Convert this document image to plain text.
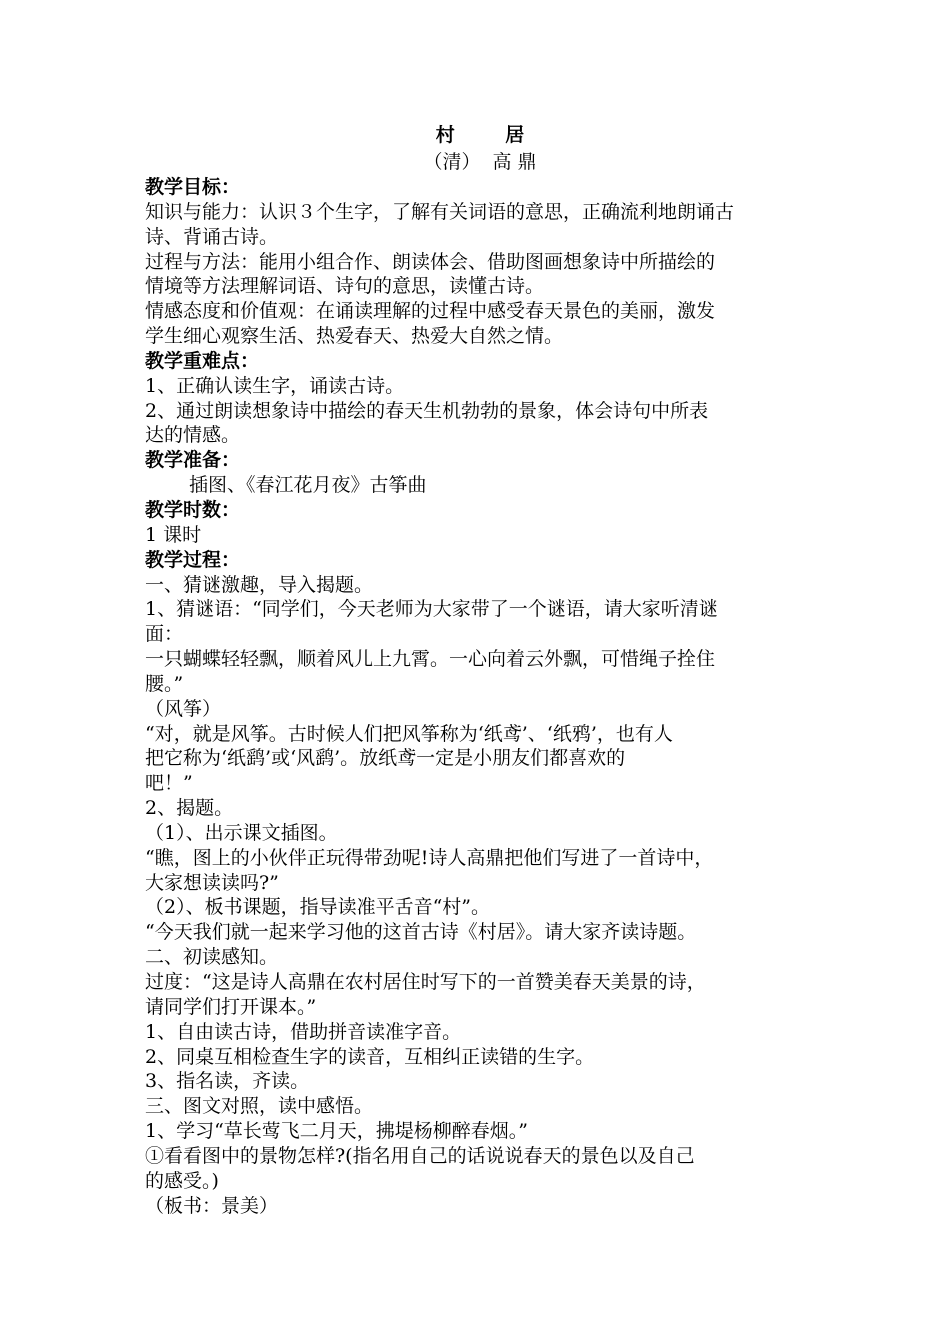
村 居

（清）  高 鼎

教学目标：

知识与能力：认识３个生字，了解有关词语的意思，正确流利地朗诵古

诗、背诵古诗。

过程与方法：能用小组合作、朗读体会、借助图画想象诗中所描绘的

情境等方法理解词语、诗句的意思，读懂古诗。

情感态度和价值观：在诵读理解的过程中感受春天景色的美丽，激发

学生细心观察生活、热爱春天、热爱大自然之情。

教学重难点：

1、正确认读生字，诵读古诗。

2、通过朗读想象诗中描绘的春天生机勃勃的景象，体会诗句中所表

达的情感。

教学准备：

插图、《春江花月夜》古筝曲

教学时数：

1 课时

教学过程：

一、猜谜激趣，导入揭题。

1、猜谜语：“同学们，今天老师为大家带了一个谜语，请大家听清谜

面：

一只蝴蝶轻轻飘，顺着风儿上九霄。一心向着云外飘，可惜绳子拴住

腰。”

（风筝）

“对，就是风筝。古时候人们把风筝称为‘纸鸢’、‘纸鸦’，也有人

把它称为‘纸鹞’或‘风鹞’。放纸鸢一定是小朋友们都喜欢的

吧！”

2、揭题。

（1）、出示课文插图。

“瞧，图上的小伙伴正玩得带劲呢!诗人高鼎把他们写进了一首诗中，

大家想读读吗?”

（2）、板书课题，指导读准平舌音“村”。

“今天我们就一起来学习他的这首古诗《村居》。请大家齐读诗题。

二、初读感知。

过度：“这是诗人高鼎在农村居住时写下的一首赞美春天美景的诗，

请同学们打开课本。”

1、自由读古诗，借助拼音读准字音。

2、同桌互相检查生字的读音，互相纠正读错的生字。

3、指名读，齐读。

三、图文对照，读中感悟。

1、学习“草长莺飞二月天，拂堤杨柳醉春烟。”

①看看图中的景物怎样?(指名用自己的话说说春天的景色以及自己

的感受。)

（板书：景美）
